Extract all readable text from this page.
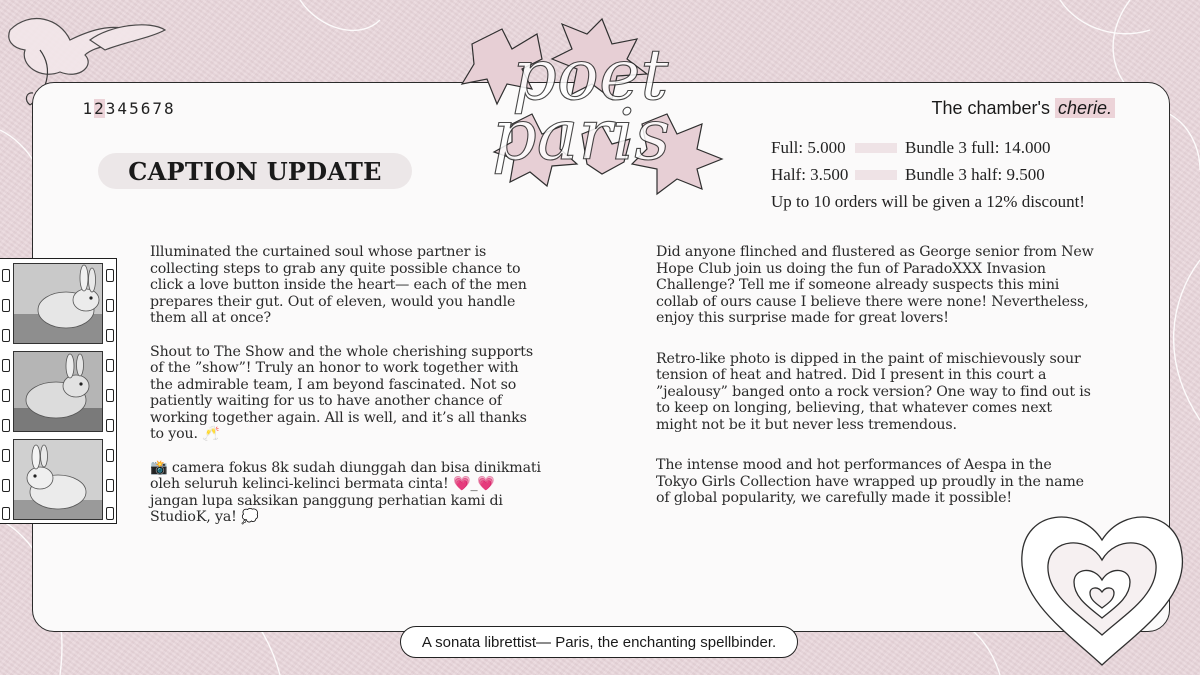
poet
paris
12345678
CAPTION UPDATE
The chamber's cherie.
Full: 5.000	Bundle 3 full: 14.000
Half: 3.500	Bundle 3 half: 9.500
Up to 10 orders will be given a 12% discount!

Illuminated the curtained soul whose partner is collecting steps to grab any quite possible chance to click a love button inside the heart— each of the men prepares their gut. Out of eleven, would you handle them all at once?

Shout to The Show and the whole cherishing supports of the ”show”! Truly an honor to work together with the admirable team, I am beyond fascinated. Not so patiently waiting for us to have another chance of working together again. All is well, and it’s all thanks to you. 🥂

📸 camera fokus 8k sudah diunggah dan bisa dinikmati oleh seluruh kelinci-kelinci bermata cinta! 💗_💗 jangan lupa saksikan panggung perhatian kami di StudioK, ya! 💭

Did anyone flinched and flustered as George senior from New Hope Club join us doing the fun of ParadoXXX Invasion Challenge? Tell me if someone already suspects this mini collab of ours cause I believe there were none! Nevertheless, enjoy this surprise made for great lovers!

Retro-like photo is dipped in the paint of mischievously sour tension of heat and hatred. Did I present in this court a ”jealousy” banged onto a rock version? One way to find out is to keep on longing, believing, that whatever comes next might not be it but never less tremendous.

The intense mood and hot performances of Aespa in the Tokyo Girls Collection have wrapped up proudly in the name of global popularity, we carefully made it possible!

A sonata librettist— Paris, the enchanting spellbinder.
